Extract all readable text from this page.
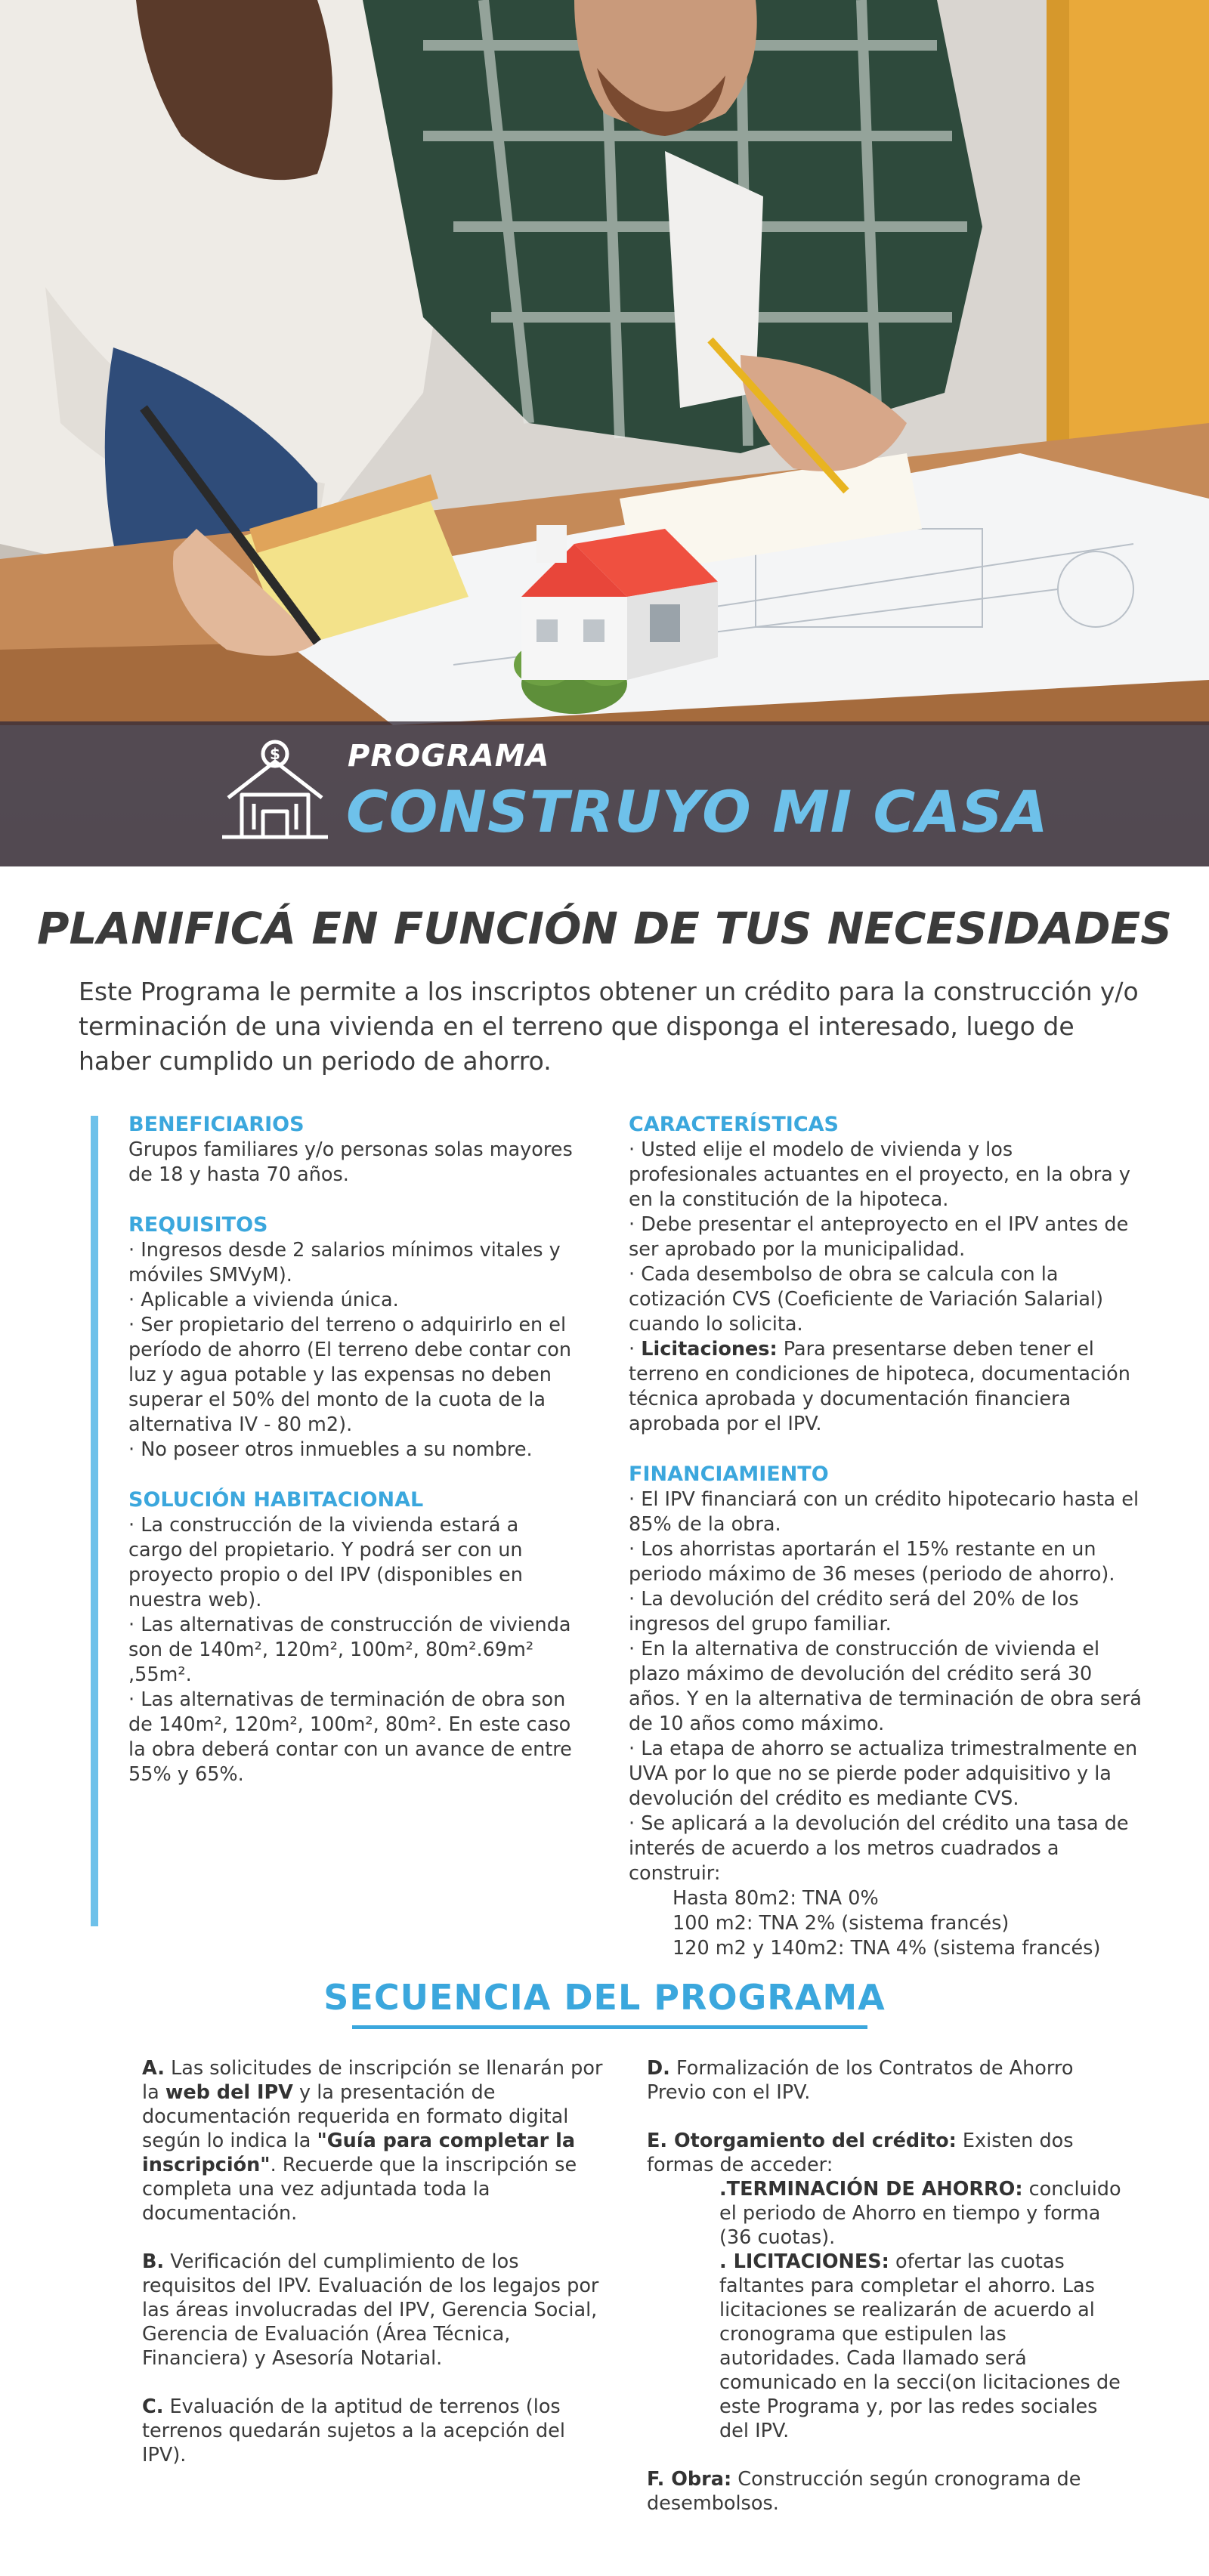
$ PROGRAMA
CONSTRUYO MI CASA
PLANIFICÁ EN FUNCIÓN DE TUS NECESIDADES
Este Programa le permite a los inscriptos obtener un crédito para la construcción y/o terminación de una vivienda en el terreno que disponga el interesado, luego de haber cumplido un periodo de ahorro.

BENEFICIARIOS

Grupos familiares y/o personas solas mayores de 18 y hasta 70 años.

REQUISITOS

· Ingresos desde 2 salarios mínimos vitales y móviles SMVyM).

· Aplicable a vivienda única.

· Ser propietario del terreno o adquirirlo en el período de ahorro (El terreno debe contar con luz y agua potable y las expensas no deben superar el 50% del monto de la cuota de la alternativa IV - 80 m2).

· No poseer otros inmuebles a su nombre.

SOLUCIÓN HABITACIONAL

· La construcción de la vivienda estará a cargo del propietario. Y podrá ser con un proyecto propio o del IPV (disponibles en nuestra web).

· Las alternativas de construcción de vivienda son de 140m², 120m², 100m², 80m².69m² ,55m².

· Las alternativas de terminación de obra son de 140m², 120m², 100m², 80m². En este caso la obra deberá contar con un avance de entre 55% y 65%.

CARACTERÍSTICAS

· Usted elije el modelo de vivienda y los profesionales actuantes en el proyecto, en la obra y en la constitución de la hipoteca.

· Debe presentar el anteproyecto en el IPV antes de ser aprobado por la municipalidad.

· Cada desembolso de obra se calcula con la cotización CVS (Coeficiente de Variación Salarial) cuando lo solicita.

· Licitaciones: Para presentarse deben tener el terreno en condiciones de hipoteca, documentación técnica aprobada y documentación financiera aprobada por el IPV.

FINANCIAMIENTO

· El IPV financiará con un crédito hipotecario hasta el 85% de la obra.

· Los ahorristas aportarán el 15% restante en un periodo máximo de 36 meses (periodo de ahorro).

· La devolución del crédito será del 20% de los ingresos del grupo familiar.

· En la alternativa de construcción de vivienda el plazo máximo de devolución del crédito será 30 años. Y en la alternativa de terminación de obra será de 10 años como máximo.

· La etapa de ahorro se actualiza trimestralmente en UVA por lo que no se pierde poder adquisitivo y la devolución del crédito es mediante CVS.

· Se aplicará a la devolución del crédito una tasa de interés de acuerdo a los metros cuadrados a construir:

Hasta 80m2: TNA 0%

100 m2: TNA 2% (sistema francés)

120 m2 y 140m2: TNA 4% (sistema francés)

SECUENCIA DEL PROGRAMA

A. Las solicitudes de inscripción se llenarán por la web del IPV y la presentación de documentación requerida en formato digital según lo indica la "Guía para completar la inscripción". Recuerde que la inscripción se completa una vez adjuntada toda la documentación.

B. Verificación del cumplimiento de los requisitos del IPV. Evaluación de los legajos por las áreas involucradas del IPV, Gerencia Social, Gerencia de Evaluación (Área Técnica, Financiera) y Asesoría Notarial.

C. Evaluación de la aptitud de terrenos (los terrenos quedarán sujetos a la acepción del IPV).

D. Formalización de los Contratos de Ahorro Previo con el IPV.

E. Otorgamiento del crédito: Existen dos formas de acceder:

.TERMINACIÓN DE AHORRO: concluido el periodo de Ahorro en tiempo y forma (36 cuotas).

. LICITACIONES: ofertar las cuotas faltantes para completar el ahorro. Las licitaciones se realizarán de acuerdo al cronograma que estipulen las autoridades. Cada llamado será comunicado en la secci(on licitaciones de este Programa y, por las redes sociales del IPV.

F. Obra: Construcción según cronograma de desembolsos.
